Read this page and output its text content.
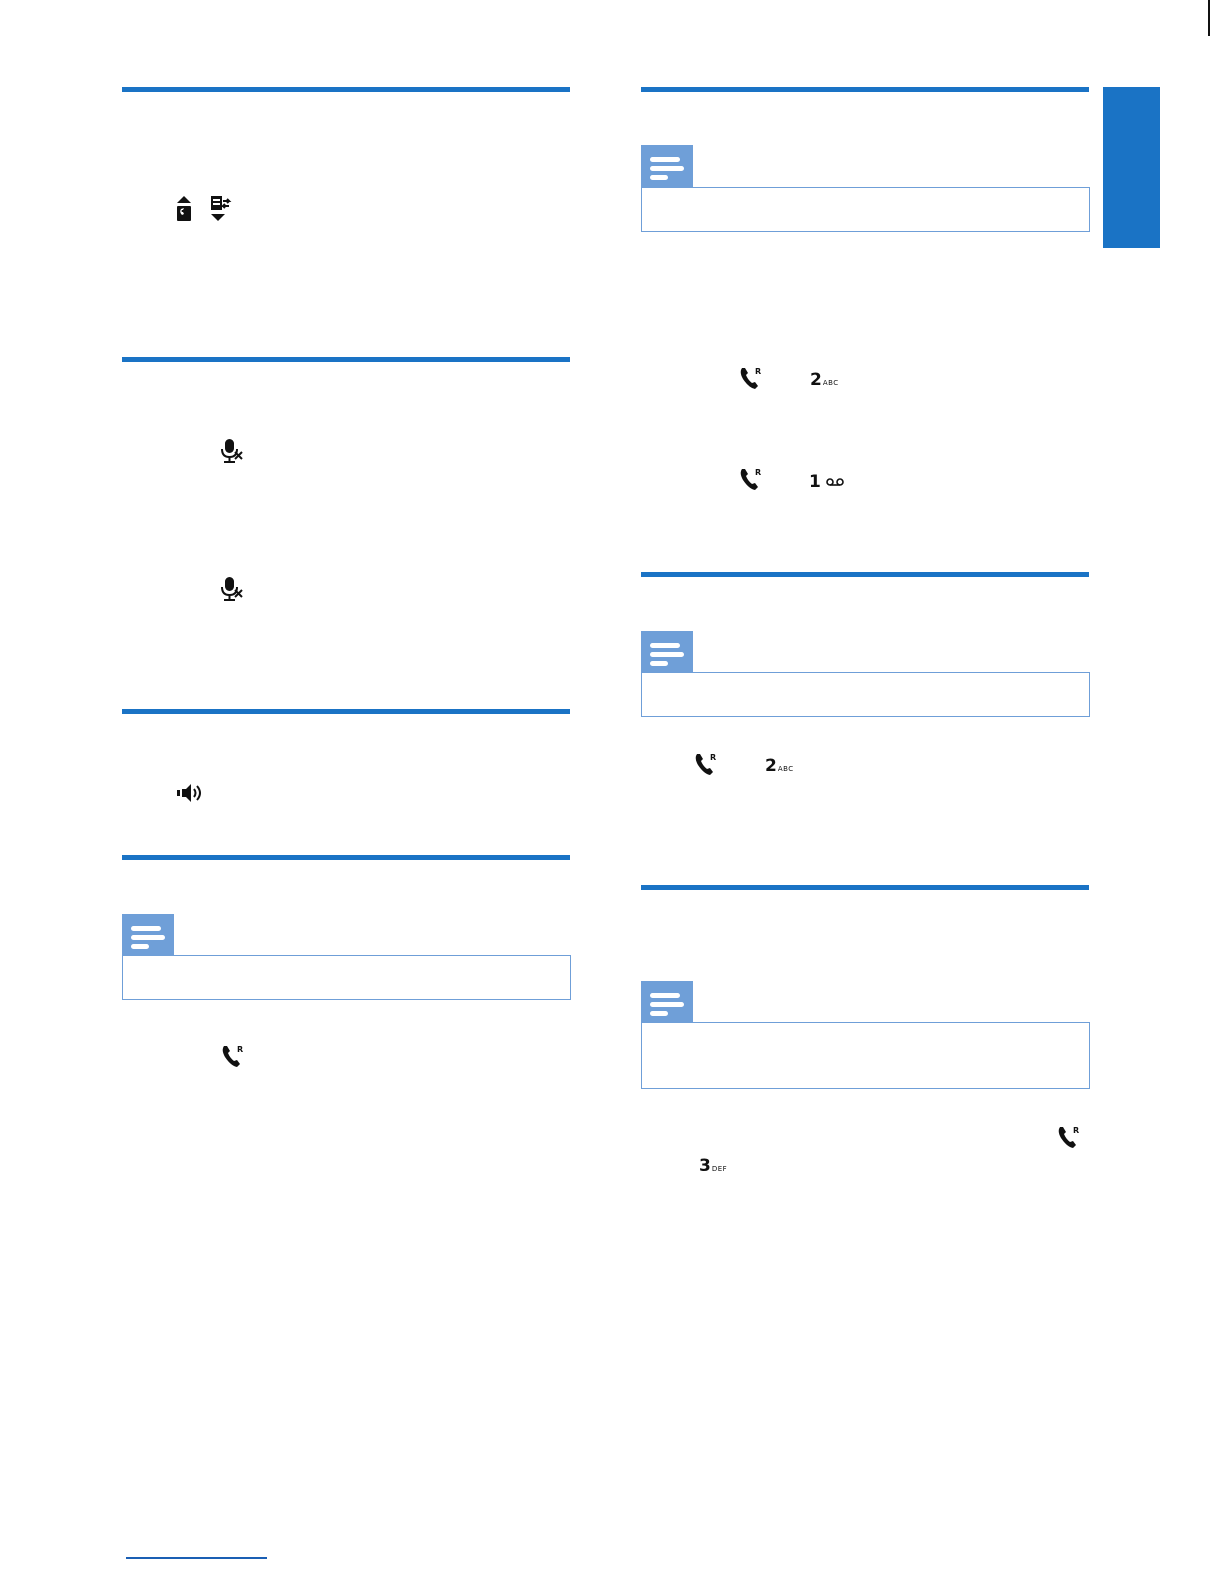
R
R	2ABC
R	1
R	2ABC
R
3DEF
